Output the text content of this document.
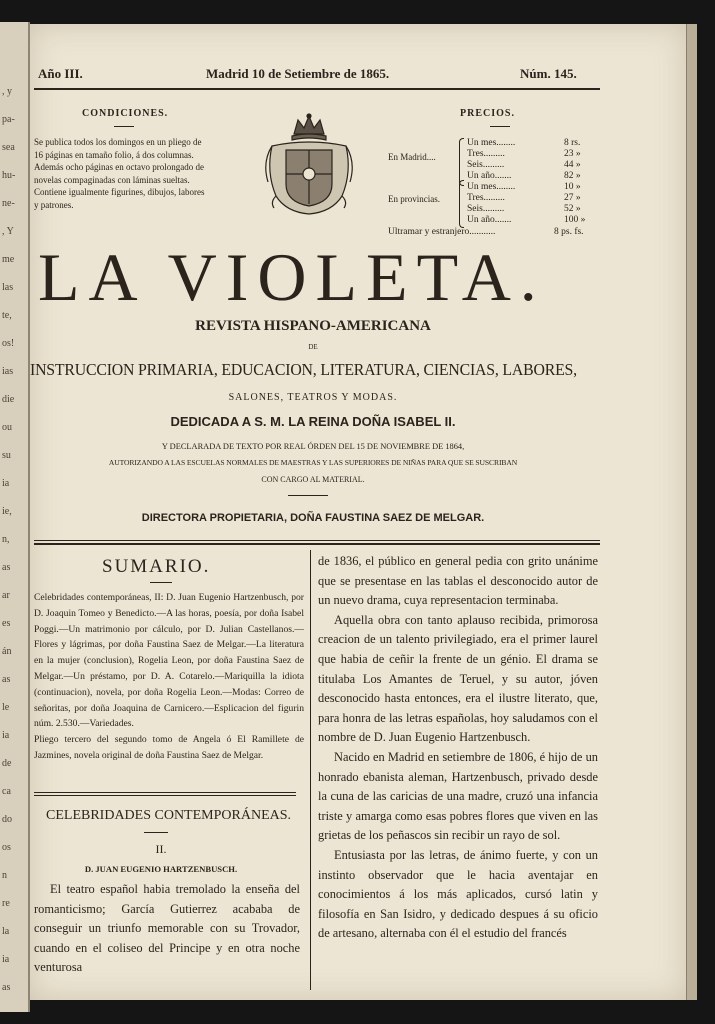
, y
pa-
sea
hu-
ne-
, Y
me
las
te,
os!
ias
die
ou
su
ia
ie,
n,
as
ar
es
án
as
le
ia
de
ca
do
os
n
re
la
ia
as
Año III.	Madrid 10 de Setiembre de 1865.	Núm. 145.
CONDICIONES.
Se publica todos los domingos en un pliego de
16 páginas en tamaño folio, á dos columnas.
Además ocho páginas en octavo prolongado de
novelas compaginadas con láminas sueltas.
Contiene igualmente figurines, dibujos, labores
y patrones.
PRECIOS.
En Madrid....
En provincias.
Un mes........	8 rs.
Tres.........	23 »
Seis.........	44 »
Un año.......	82 »
Un mes........	10 »
Tres.........	27 »
Seis.........	52 »
Un año.......	100 »
Ultramar y estranjero...........	8 ps. fs.
LA VIOLETA.
REVISTA HISPANO-AMERICANA
DE
INSTRUCCION PRIMARIA, EDUCACION, LITERATURA, CIENCIAS, LABORES,
SALONES, TEATROS Y MODAS.
DEDICADA A S. M. LA REINA DOÑA ISABEL II.
Y DECLARADA DE TEXTO POR REAL ÓRDEN DEL 15 DE NOVIEMBRE DE 1864,
AUTORIZANDO A LAS ESCUELAS NORMALES DE MAESTRAS Y LAS SUPERIORES DE NIÑAS PARA QUE SE SUSCRIBAN
CON CARGO AL MATERIAL.
DIRECTORA PROPIETARIA, DOÑA FAUSTINA SAEZ DE MELGAR.
SUMARIO.
Celebridades contemporáneas, II: D. Juan Eugenio Hartzenbusch, por D. Joaquin Tomeo y Benedicto.—A las horas, poesía, por doña Isabel Poggi.—Un matrimonio por cálculo, por D. Julian Castellanos.—Flores y lágrimas, por doña Faustina Saez de Melgar.—La literatura en la mujer (conclusion), Rogelia Leon, por doña Faustina Saez de Melgar.—Un préstamo, por D. A. Cotarelo.—Mariquilla la idiota (continuacion), novela, por doña Rogelia Leon.—Modas: Correo de señoritas, por doña Joaquina de Carnicero.—Esplicacion del figurin núm. 2.530.—Variedades.
Pliego tercero del segundo tomo de Angela ó El Ramillete de Jazmines, novela original de doña Faustina Saez de Melgar.
CELEBRIDADES CONTEMPORÁNEAS.
II.
D. JUAN EUGENIO HARTZENBUSCH.

El teatro español habia tremolado la enseña del romanticismo; García Gutierrez acababa de conseguir un triunfo memorable con su Trovador, cuando en el coliseo del Principe y en otra noche venturosa

de 1836, el público en general pedia con grito unánime que se presentase en las tablas el desconocido autor de un nuevo drama, cuya representacion terminaba.

Aquella obra con tanto aplauso recibida, primorosa creacion de un talento privilegiado, era el primer laurel que habia de ceñir la frente de un génio. El drama se titulaba Los Amantes de Teruel, y su autor, jóven desconocido hasta entonces, era el ilustre literato, que, para honra de las letras españolas, hoy saludamos con el nombre de D. Juan Eugenio Hartzenbusch.

Nacido en Madrid en setiembre de 1806, é hijo de un honrado ebanista aleman, Hartzenbusch, privado desde la cuna de las caricias de una madre, cruzó una infancia triste y amarga como esas pobres flores que viven en las grietas de los peñascos sin recibir un rayo de sol.

Entusiasta por las letras, de ánimo fuerte, y con un instinto observador que le hacia aventajar en conocimientos á los más aplicados, cursó latin y filosofía en San Isidro, y dedicado despues á su oficio de artesano, alternaba con él el estudio del francés
